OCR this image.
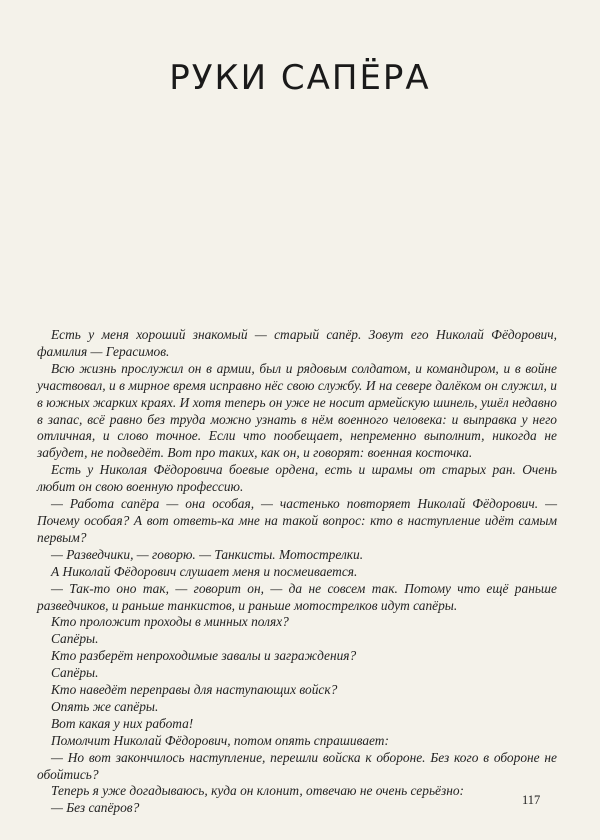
РУКИ САПЁРА

Есть у меня хороший знакомый — старый сапёр. Зовут его Николай Фёдорович, фамилия — Герасимов.

Всю жизнь прослужил он в армии, был и рядовым солдатом, и командиром, и в войне участвовал, и в мирное время исправно нёс свою службу. И на севере далёком он служил, и в южных жарких краях. И хотя теперь он уже не носит армейскую шинель, ушёл недавно в запас, всё равно без труда можно узнать в нём военного человека: и выправка у него отличная, и слово точное. Если что пообещает, непременно выполнит, никогда не забудет, не подведёт. Вот про таких, как он, и говорят: военная косточка.

Есть у Николая Фёдоровича боевые ордена, есть и шрамы от старых ран. Очень любит он свою военную профессию.

— Работа сапёра — она особая, — частенько повторяет Николай Фёдорович. — Почему особая? А вот ответь-ка мне на такой вопрос: кто в наступление идёт самым первым?

— Разведчики, — говорю. — Танкисты. Мотострелки.

А Николай Фёдорович слушает меня и посмеивается.

— Так-то оно так, — говорит он, — да не совсем так. Потому что ещё раньше разведчиков, и раньше танкистов, и раньше мотострелков идут сапёры.

Кто проложит проходы в минных полях?

Сапёры.

Кто разберёт непроходимые завалы и заграждения?

Сапёры.

Кто наведёт переправы для наступающих войск?

Опять же сапёры.

Вот какая у них работа!

Помолчит Николай Фёдорович, потом опять спрашивает:

— Но вот закончилось наступление, перешли войска к обороне. Без кого в обороне не обойтись?

Теперь я уже догадываюсь, куда он клонит, отвечаю не очень серьёзно:

— Без сапёров?

117
